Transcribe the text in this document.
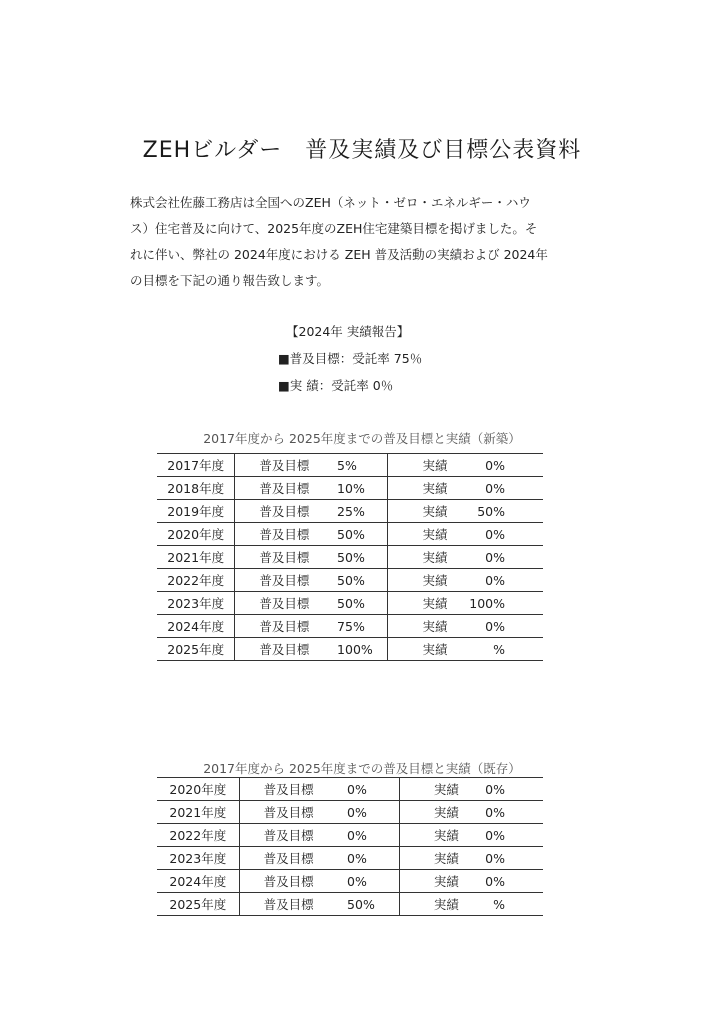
ZEHビルダー　普及実績及び目標公表資料
株式会社佐藤工務店は全国へのZEH（ネット・ゼロ・エネルギー・ハウ
ス）住宅普及に向けて、2025年度のZEH住宅建築目標を掲げました。そ
れに伴い、弊社の 2024年度における ZEH 普及活動の実績および 2024年
の目標を下記の通り報告致します。
【2024年 実績報告】
■普及目標：受託率 75％
■実 績：受託率 0％
2017年度から 2025年度までの普及目標と実績（新築）
2017年度	普及目標	5%	実績	0%
2018年度	普及目標	10%	実績	0%
2019年度	普及目標	25%	実績	50%
2020年度	普及目標	50%	実績	0%
2021年度	普及目標	50%	実績	0%
2022年度	普及目標	50%	実績	0%
2023年度	普及目標	50%	実績	100%
2024年度	普及目標	75%	実績	0%
2025年度	普及目標	100%	実績	%
2017年度から 2025年度までの普及目標と実績（既存）
2020年度	普及目標	0%	実績	0%
2021年度	普及目標	0%	実績	0%
2022年度	普及目標	0%	実績	0%
2023年度	普及目標	0%	実績	0%
2024年度	普及目標	0%	実績	0%
2025年度	普及目標	50%	実績	%
